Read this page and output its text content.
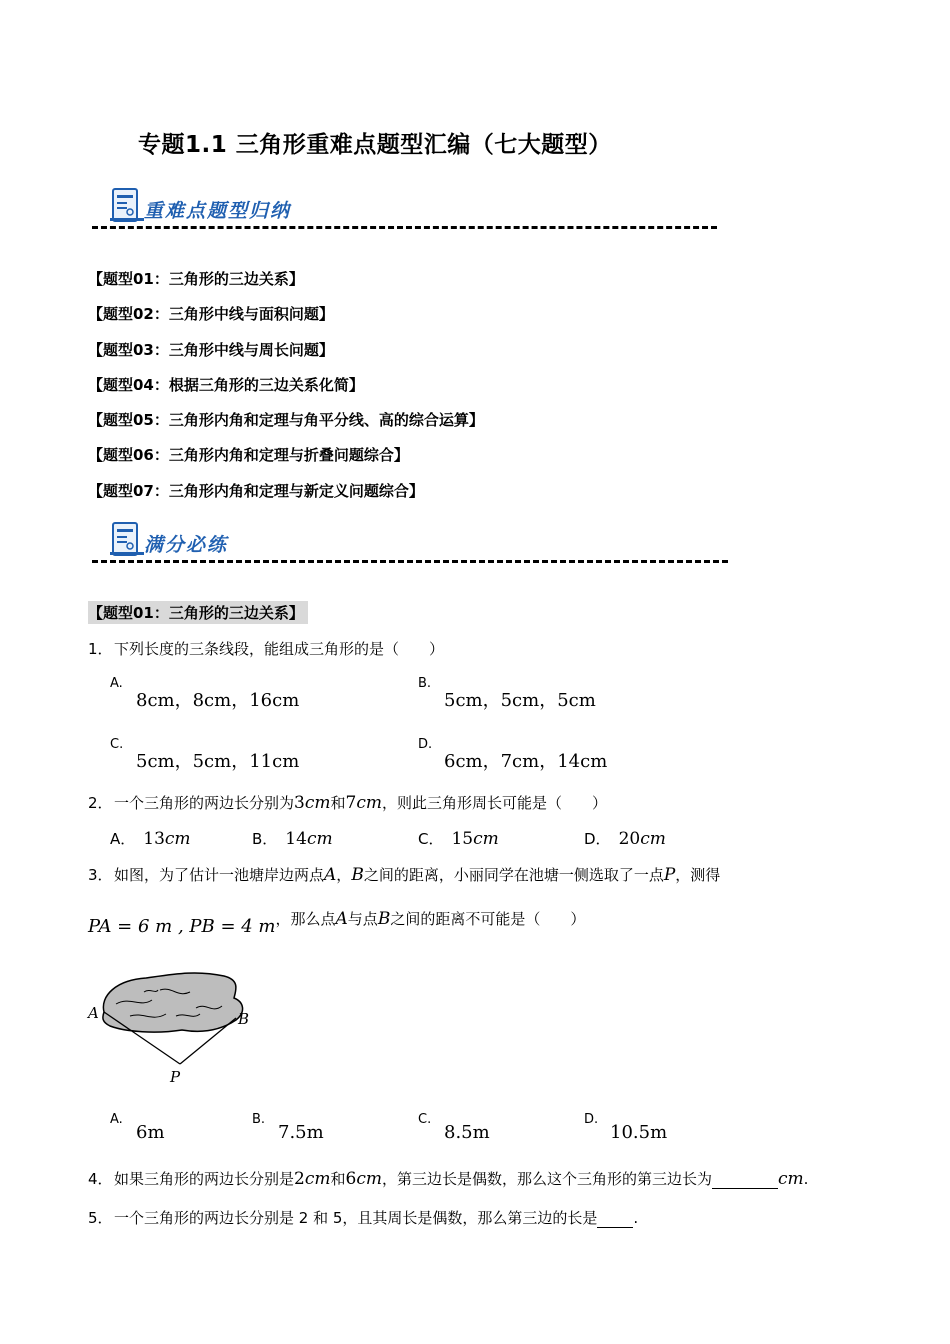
专题1.1 三角形重难点题型汇编（七大题型）
重难点题型归纳
【题型01：三角形的三边关系】
【题型02：三角形中线与面积问题】
【题型03：三角形中线与周长问题】
【题型04：根据三角形的三边关系化简】
【题型05：三角形内角和定理与角平分线、高的综合运算】
【题型06：三角形内角和定理与折叠问题综合】
【题型07：三角形内角和定理与新定义问题综合】
满分必练
【题型01：三角形的三边关系】
1．下列长度的三条线段，能组成三角形的是（　　）
A.
8cm，8cm，16cm
B.
5cm，5cm，5cm
C.
5cm，5cm，11cm
D.
6cm，7cm，14cm
2．一个三角形的两边长分别为3cm和7cm，则此三角形周长可能是（　　）
A． 13cm	B． 14cm	C． 15cm	D． 20cm
3．如图，为了估计一池塘岸边两点A，B之间的距离，小丽同学在池塘一侧选取了一点P，测得
PA = 6 m , PB = 4 m，那么点A与点B之间的距离不可能是（　　）
A	B
P
A.
6m
B.
7.5m
C.
8.5m
D.
10.5m
4．如果三角形的两边长分别是2cm和6cm，第三边长是偶数，那么这个三角形的第三边长为	cm.
5．一个三角形的两边长分别是 2 和 5，且其周长是偶数，那么第三边的长是 .
